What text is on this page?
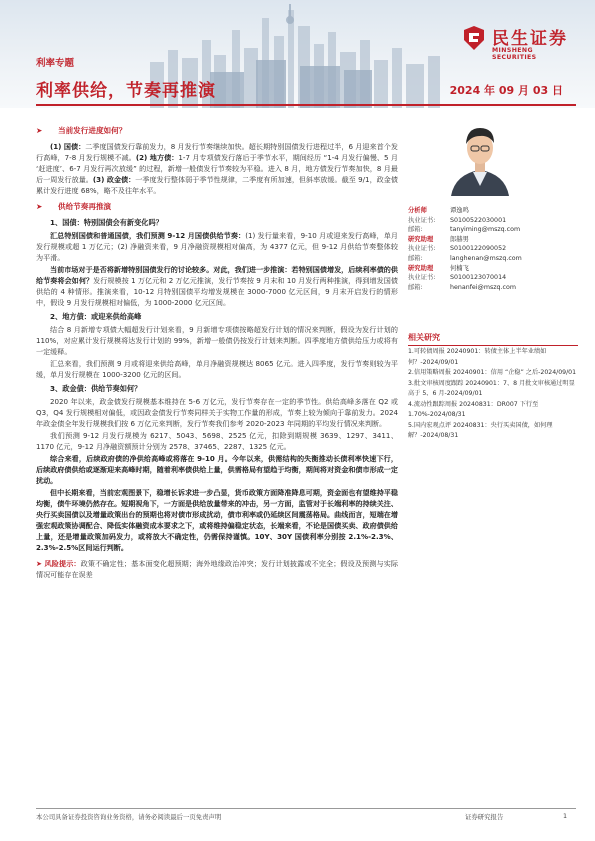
利率专题
利率供给，节奏再推演	2024 年 09 月 03 日
民生证券
MINSHENG SECURITIES
➤ 当前发行进度如何？
(1) 国债：二季度国债发行靠前发力，8 月发行节奏继续加快。超长期特别国债发行进程过半，6 月迎来首个发行高峰，7-8 月发行规模不减。(2) 地方债：1-7 月专项债发行落后于季节水平，期间经历 “1-4 月发行偏慢、5 月 ‘赶进度’、6-7 月发行再次放缓” 的过程，新增一般债发行节奏较为平稳。进入 8 月，地方债发行节奏加快，8 月最后一周发行放量。(3) 政金债：一季度发行整体弱于季节性规律，二季度有所加速，但斜率放缓。截至 9/1，政金债累计发行进度 68%，略不及往年水平。
➤ 供给节奏再推演
1、国债：特别国债会有新变化吗？
汇总特别国债和普通国债，我们预测 9-12 月国债供给节奏：(1) 发行量来看，9-10 月或迎来发行高峰，单月发行规模或超 1 万亿元；(2) 净融资来看，9 月净融资规模相对偏高，为 4377 亿元，但 9-12 月供给节奏整体较为平滑。
当前市场对于是否将新增特别国债发行的讨论较多。对此，我们进一步推演：若特别国债增发，后续利率债的供给节奏将会如何？发行规模按 1 万亿元和 2 万亿元推演，发行节奏按 9 月末和 10 月发行两种推演，得到增发国债供给的 4 种情形。推演来看，10-12 月特别国债平均增发规模在 3000-7000 亿元区间，9 月末开启发行的情形中，假设 9 月发行规模相对偏低，为 1000-2000 亿元区间。
2、地方债：或迎来供给高峰
结合 8 月新增专项债大幅超发行计划来看，9 月新增专项债按略超发行计划的情况来判断，假设为发行计划的 110%，对应累计发行规模将达发行计划的 99%，新增一般债仍按发行计划来判断。四季度地方债供给压力或将有一定缓释。
汇总来看，我们预测 9 月或将迎来供给高峰，单月净融资规模达 8065 亿元。进入四季度，发行节奏则较为平缓，单月发行规模在 1000-3200 亿元的区间。
3、政金债：供给节奏如何？
2020 年以来，政金债发行规模基本维持在 5-6 万亿元，发行节奏存在一定的季节性。供给高峰多落在 Q2 或 Q3，Q4 发行规模相对偏低，或因政金债发行节奏同样关于实物工作量的形成，节奏上较为倾向于靠前发力。2024 年政金债全年发行规模我们按 6 万亿元来判断，发行节奏我们参考 2020-2023 年同期的平均发行情况来判断。
我们预测 9-12 月发行规模为 6217、5043、5698、2525 亿元，扣除到期规模 3639、1297、3411、1170 亿元，9-12 月净融资额预计分别为 2578、37465、2287、1325 亿元。
综合来看，后续政府债的净供给高峰或将落在 9-10 月。今年以来，供需结构的失衡推动长债利率快速下行，后续政府债供给或逐渐迎来高峰时期，随着利率债供给上量，供需格局有望趋于均衡，期间将对资金和债市形成一定扰动。
但中长期来看，当前宏观图景下，稳增长诉求进一步凸显，货币政策方面降准降息可期，资金面也有望维持平稳均衡，债牛环境仍然存在。短期视角下，一方面是供给放量带来的冲击，另一方面，监管对于长端利率的持续关注、央行买卖国债以及增量政策出台的预期也将对债市形成扰动，债市利率或仍延续区间震荡格局。曲线而言，短端在增强宏观政策协调配合、降低实体融资成本要求之下，或将维持偏稳定状态，长端来看，不论是国债买卖、政府债供给上量，还是增量政策加码发力，或将放大不确定性，仍需保持谨慎。10Y、30Y 国债利率分别按 2.1%-2.3%、2.3%-2.5%区间运行判断。
➤ 风险提示：政策不确定性；基本面变化超预期；海外地缘政治冲突；发行计划披露或不完全；假设及预测与实际情况可能存在误差
分析师	谭逸鸣
执业证书: S0100522030001
邮箱:	tanyiming@mszq.com
研究助理	郎赫男
执业证书: S0100122090052
邮箱:	langhenan@mszq.com
研究助理	何楠飞
执业证书: S0100123070014
邮箱:	henanfei@mszq.com
相关研究
1.可转债周报 20240901：转债主体上半年业绩如何？-2024/09/01
2.信用策略周报 20240901：信用 “企稳” 之后-2024/09/01
3.批文审核周度跟踪 20240901：7、8 月批文审核通过明显高于 5、6 月-2024/09/01
4.流动性跟踪周报 20240831：DR007 下行至 1.70%-2024/08/31
5.国内宏观点评 20240831：央行买卖国债，如何理解？-2024/08/31
本公司具备证券投资咨询业务资格，请务必阅读最后一页免责声明	证券研究报告	1
